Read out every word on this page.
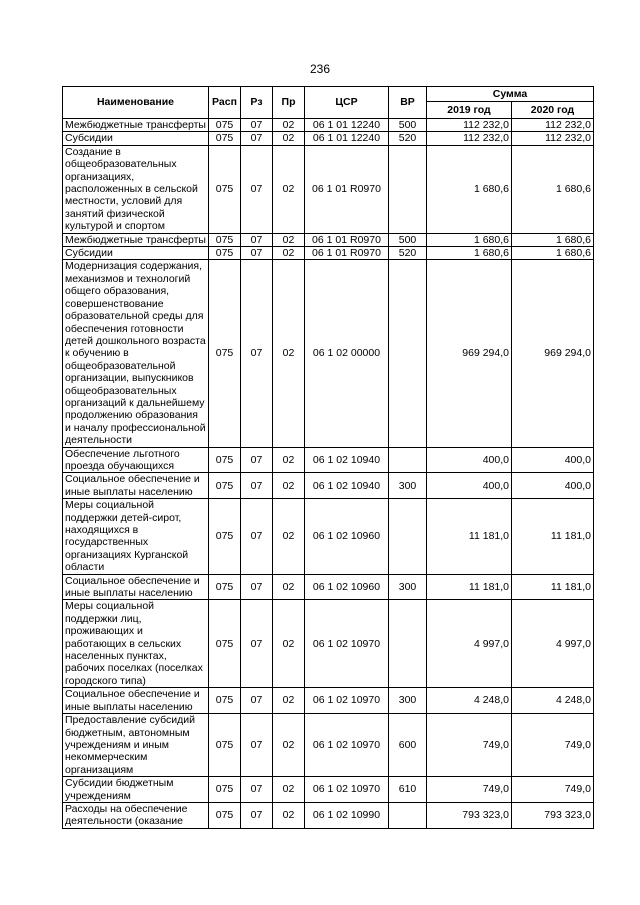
236
Наименование	Расп	Рз	Пр	ЦСР	ВР	Сумма	
						2019 год	2020 год
Межбюджетные трансферты	075	07	02	06 1 01 12240	500	112 232,0	112 232,0
Субсидии	075	07	02	06 1 01 12240	520	112 232,0	112 232,0
Создание в общеобразовательных организациях, расположенных в сельской местности, условий для занятий физической культурой и спортом	075	07	02	06 1 01 R0970		1 680,6	1 680,6
Межбюджетные трансферты	075	07	02	06 1 01 R0970	500	1 680,6	1 680,6
Субсидии	075	07	02	06 1 01 R0970	520	1 680,6	1 680,6
Модернизация содержания, механизмов и технологий общего образования, совершенствование образовательной среды для обеспечения готовности детей дошкольного возраста к обучению в общеобразовательной организации, выпускников общеобразовательных организаций к дальнейшему продолжению образования и началу профессиональной деятельности	075	07	02	06 1 02 00000		969 294,0	969 294,0
Обеспечение льготного проезда обучающихся	075	07	02	06 1 02 10940		400,0	400,0
Социальное обеспечение и иные выплаты населению	075	07	02	06 1 02 10940	300	400,0	400,0
Меры социальной поддержки детей-сирот, находящихся в государственных организациях Курганской области	075	07	02	06 1 02 10960		11 181,0	11 181,0
Социальное обеспечение и иные выплаты населению	075	07	02	06 1 02 10960	300	11 181,0	11 181,0
Меры социальной поддержки лиц, проживающих и работающих в сельских населенных пунктах, рабочих поселках (поселках городского типа)	075	07	02	06 1 02 10970		4 997,0	4 997,0
Социальное обеспечение и иные выплаты населению	075	07	02	06 1 02 10970	300	4 248,0	4 248,0
Предоставление субсидий бюджетным, автономным учреждениям и иным некоммерческим организациям	075	07	02	06 1 02 10970	600	749,0	749,0
Субсидии бюджетным учреждениям	075	07	02	06 1 02 10970	610	749,0	749,0
Расходы на обеспечение деятельности (оказание	075	07	02	06 1 02 10990		793 323,0	793 323,0
